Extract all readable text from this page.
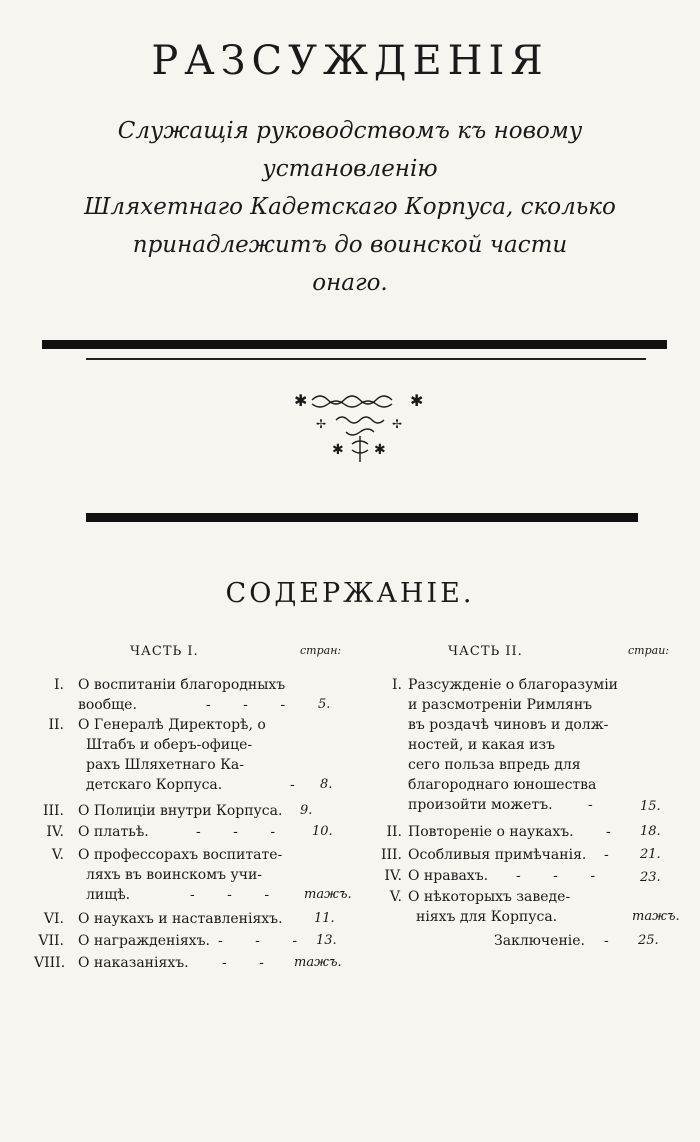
РАЗСУЖДЕНІЯ
Служащія руководствомъ къ новому установленію
Шляхетнаго Кадетскаго Корпуса, сколько
принадлежитъ до воинской части
онаго.
✱	✱
✢	✢
✱ ✱
СОДЕРЖАНІЕ.
ЧАСТЬ І.	стран:	ЧАСТЬ ІІ.	страи:
І. О воспитаніи благородныхъ
вообще.	- - - 5.
ІІ. О Генералѣ Директорѣ, о
Штабъ и оберъ-офице-
рахъ Шляхетнаго Ка-
детскаго Корпуса.	- 8.
ІІІ. О Полиціи внутри Корпуса. 9.
ІV. О платьѣ.	- - - 10.
V. О профессорахъ воспитате-
ляхъ въ воинскомъ учи-
лищѣ.	- - - тажъ.
VІ. О наукахъ и наставленіяхъ. 11.
VІІ. О награжденіяхъ. - - - 13.
VІІІ. О наказаніяхъ. - - тажъ.
І. Разсужденіе о благоразуміи
и разсмотреніи Римлянъ
въ роздачѣ чиновъ и долж-
ностей, и какая изъ
сего польза впредь для
благороднаго юношества
произойти можетъ.	-	15.
ІІ. Повтореніе о наукахъ. - 18.
ІІІ. Особливыя примѣчанія. - 21.
ІV. О нравахъ. - - - 23.
V. О нѣкоторыхъ заведе-
ніяхъ для Корпуса.	тажъ.
Заключеніе. - 25.
